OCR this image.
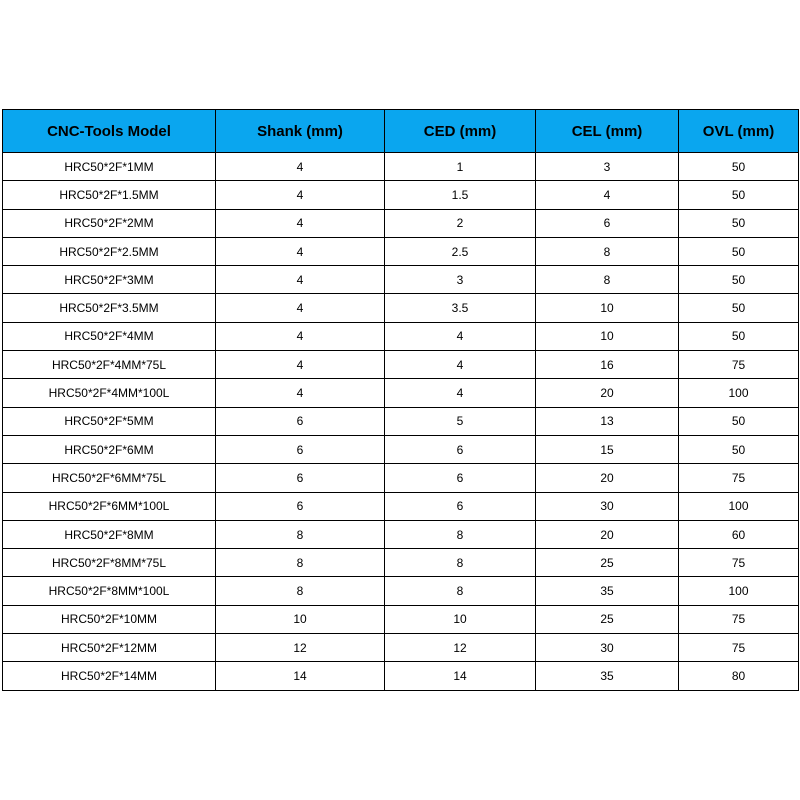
CNC-Tools Model	Shank (mm)	CED (mm)	CEL (mm)	OVL (mm)
HRC50*2F*1MM	4	1	3	50
HRC50*2F*1.5MM	4	1.5	4	50
HRC50*2F*2MM	4	2	6	50
HRC50*2F*2.5MM	4	2.5	8	50
HRC50*2F*3MM	4	3	8	50
HRC50*2F*3.5MM	4	3.5	10	50
HRC50*2F*4MM	4	4	10	50
HRC50*2F*4MM*75L	4	4	16	75
HRC50*2F*4MM*100L	4	4	20	100
HRC50*2F*5MM	6	5	13	50
HRC50*2F*6MM	6	6	15	50
HRC50*2F*6MM*75L	6	6	20	75
HRC50*2F*6MM*100L	6	6	30	100
HRC50*2F*8MM	8	8	20	60
HRC50*2F*8MM*75L	8	8	25	75
HRC50*2F*8MM*100L	8	8	35	100
HRC50*2F*10MM	10	10	25	75
HRC50*2F*12MM	12	12	30	75
HRC50*2F*14MM	14	14	35	80
